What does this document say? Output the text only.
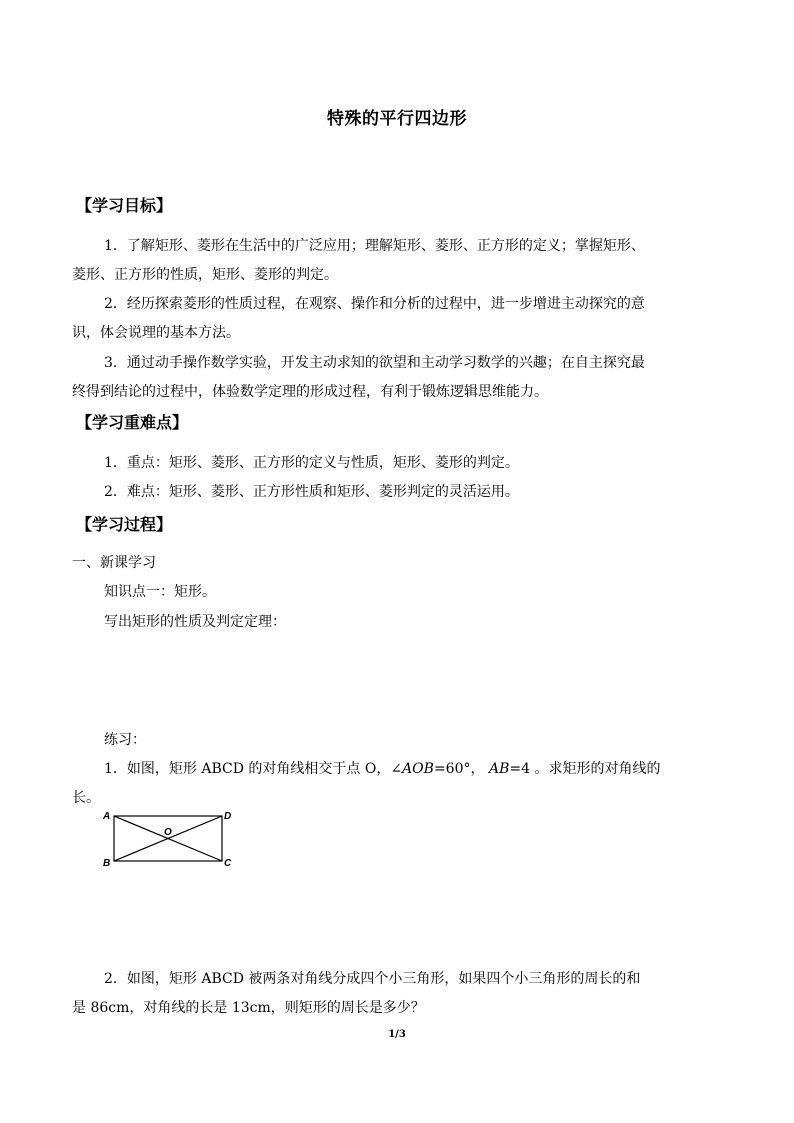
特殊的平行四边形
【学习目标】
1．了解矩形、菱形在生活中的广泛应用；理解矩形、菱形、正方形的定义；掌握矩形、
菱形、正方形的性质，矩形、菱形的判定。
2．经历探索菱形的性质过程，在观察、操作和分析的过程中，进一步增进主动探究的意
识，体会说理的基本方法。
3．通过动手操作数学实验，开发主动求知的欲望和主动学习数学的兴趣；在自主探究最
终得到结论的过程中，体验数学定理的形成过程，有利于锻炼逻辑思维能力。
【学习重难点】
1．重点：矩形、菱形、正方形的定义与性质，矩形、菱形的判定。
2．难点：矩形、菱形、正方形性质和矩形、菱形判定的灵活运用。
【学习过程】
一、新课学习
知识点一：矩形。
写出矩形的性质及判定定理：
练习：
1．如图，矩形 ABCD 的对角线相交于点 O，∠AOB=60°， AB=4 。求矩形的对角线的
长。
A
B	C
D
O
2．如图，矩形 ABCD 被两条对角线分成四个小三角形，如果四个小三角形的周长的和
是 86cm，对角线的长是 13cm，则矩形的周长是多少？
1/3
